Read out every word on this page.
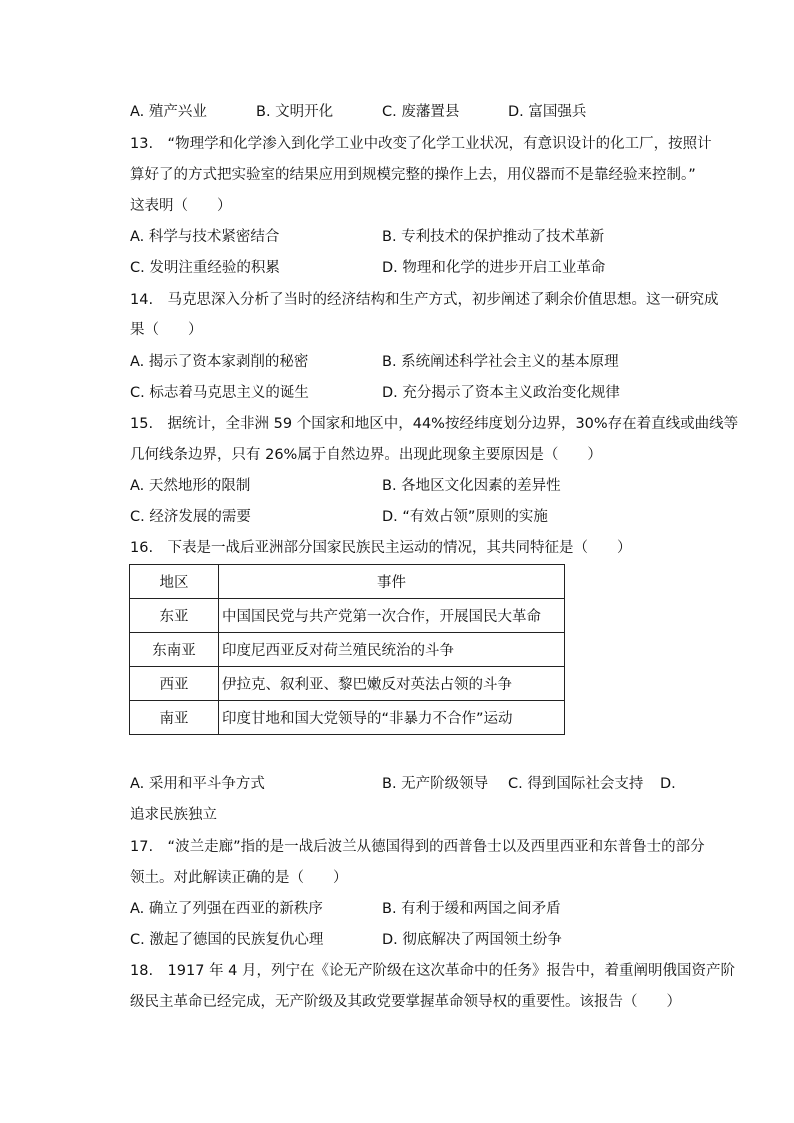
A. 殖产兴业	B. 文明开化	C. 废藩置县	D. 富国强兵
13.　“物理学和化学渗入到化学工业中改变了化学工业状况，有意识设计的化工厂，按照计
算好了的方式把实验室的结果应用到规模完整的操作上去，用仪器而不是靠经验来控制。”
这表明（　　）
A. 科学与技术紧密结合	B. 专利技术的保护推动了技术革新
C. 发明注重经验的积累	D. 物理和化学的进步开启工业革命
14.　马克思深入分析了当时的经济结构和生产方式，初步阐述了剩余价值思想。这一研究成
果（　　）
A. 揭示了资本家剥削的秘密	B. 系统阐述科学社会主义的基本原理
C. 标志着马克思主义的诞生	D. 充分揭示了资本主义政治变化规律
15.　据统计，全非洲 59 个国家和地区中，44%按经纬度划分边界，30%存在着直线或曲线等
几何线条边界，只有 26%属于自然边界。出现此现象主要原因是（　　）
A. 天然地形的限制	B. 各地区文化因素的差异性
C. 经济发展的需要	D. “有效占领”原则的实施
16.　下表是一战后亚洲部分国家民族民主运动的情况，其共同特征是（　　）
地区	事件
东亚	中国国民党与共产党第一次合作，开展国民大革命
东南亚	印度尼西亚反对荷兰殖民统治的斗争
西亚	伊拉克、叙利亚、黎巴嫩反对英法占领的斗争
南亚	印度甘地和国大党领导的“非暴力不合作”运动
A. 采用和平斗争方式	B. 无产阶级领导 C. 得到国际社会支持 D.
追求民族独立
17.　“波兰走廊”指的是一战后波兰从德国得到的西普鲁士以及西里西亚和东普鲁士的部分
领土。对此解读正确的是（　　）
A. 确立了列强在西亚的新秩序	B. 有利于缓和两国之间矛盾
C. 激起了德国的民族复仇心理	D. 彻底解决了两国领土纷争
18.　1917 年 4 月，列宁在《论无产阶级在这次革命中的任务》报告中，着重阐明俄国资产阶
级民主革命已经完成，无产阶级及其政党要掌握革命领导权的重要性。该报告（　　）
